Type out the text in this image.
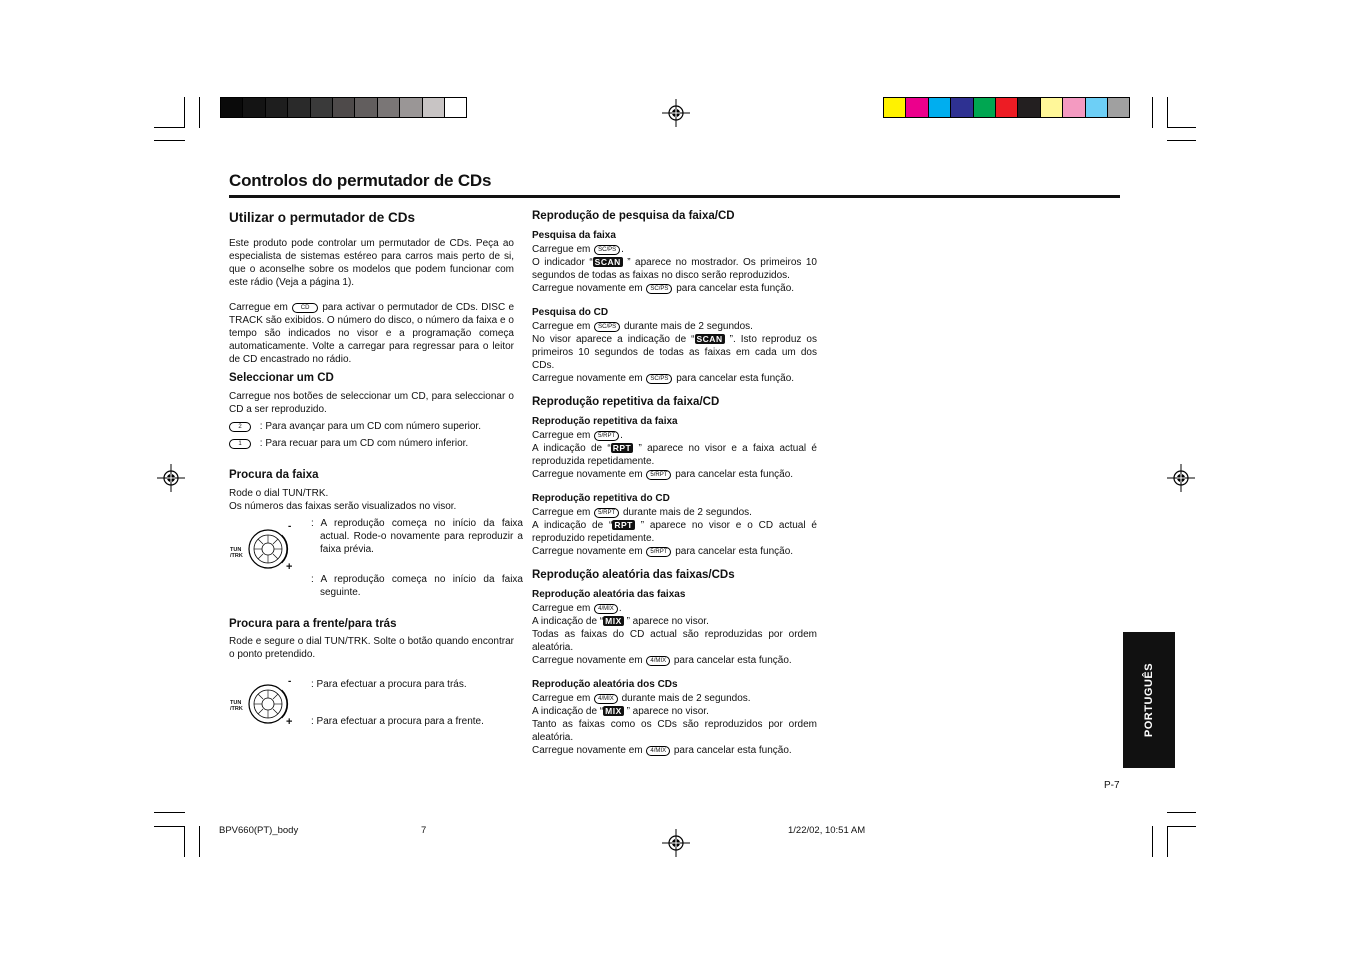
Controlos do permutador de CDs
Utilizar o permutador de CDs
Este produto pode controlar um permutador de CDs. Peça ao especialista de sistemas estéreo para carros mais perto de si, que o aconselhe sobre os modelos que podem funcionar com este rádio (Veja a página 1).
Carregue em CD para activar o permutador de CDs. DISC e TRACK são exibidos. O número do disco, o número da faixa e o tempo são indicados no visor e a programação começa automaticamente. Volte a carregar para regressar para o leitor de CD encastrado no rádio.
Seleccionar um CD
Carregue nos botões de seleccionar um CD, para seleccionar o CD a ser reproduzido.
2 : Para avançar para um CD com número superior.
1 : Para recuar para um CD com número inferior.
Procura da faixa
Rode o dial TUN/TRK.
Os números das faixas serão visualizados no visor.
-
+
TUN /TRK
: A reprodução começa no início da faixa actual. Rode-o novamente para reproduzir a faixa prévia.
: A reprodução começa no início da faixa seguinte.
Procura para a frente/para trás
Rode e segure o dial TUN/TRK. Solte o botão quando encontrar o ponto pretendido.
-
+
TUN /TRK
: Para efectuar a procura para trás.
: Para efectuar a procura para a frente.
Reprodução de pesquisa da faixa/CD
Pesquisa da faixa
Carregue em SC/PS .
O indicador “ SCAN ” aparece no mostrador. Os primeiros 10 segundos de todas as faixas no disco serão reproduzidos.
Carregue novamente em SC/PS para cancelar esta função.
Pesquisa do CD
Carregue em SC/PS durante mais de 2 segundos.
No visor aparece a indicação de “ SCAN ”. Isto reproduz os primeiros 10 segundos de todas as faixas em cada um dos CDs.
Carregue novamente em SC/PS para cancelar esta função.
Reprodução repetitiva da faixa/CD
Reprodução repetitiva da faixa
Carregue em 5/RPT .
A indicação de “ RPT ” aparece no visor e a faixa actual é reproduzida repetidamente.
Carregue novamente em 5/RPT para cancelar esta função.
Reprodução repetitiva do CD
Carregue em 5/RPT durante mais de 2 segundos.
A indicação de “ RPT ” aparece no visor e o CD actual é reproduzido repetidamente.
Carregue novamente em 5/RPT para cancelar esta função.
Reprodução aleatória das faixas/CDs
Reprodução aleatória das faixas
Carregue em 4/MIX .
A indicação de “ MIX ” aparece no visor.
Todas as faixas do CD actual são reproduzidas por ordem aleatória.
Carregue novamente em 4/MIX para cancelar esta função.
Reprodução aleatória dos CDs
Carregue em 4/MIX durante mais de 2 segundos.
A indicação de “ MIX ” aparece no visor.
Tanto as faixas como os CDs são reproduzidos por ordem aleatória.
Carregue novamente em 4/MIX para cancelar esta função.
PORTUGUÊS
P-7
BPV660(PT)_body	7	1/22/02, 10:51 AM
